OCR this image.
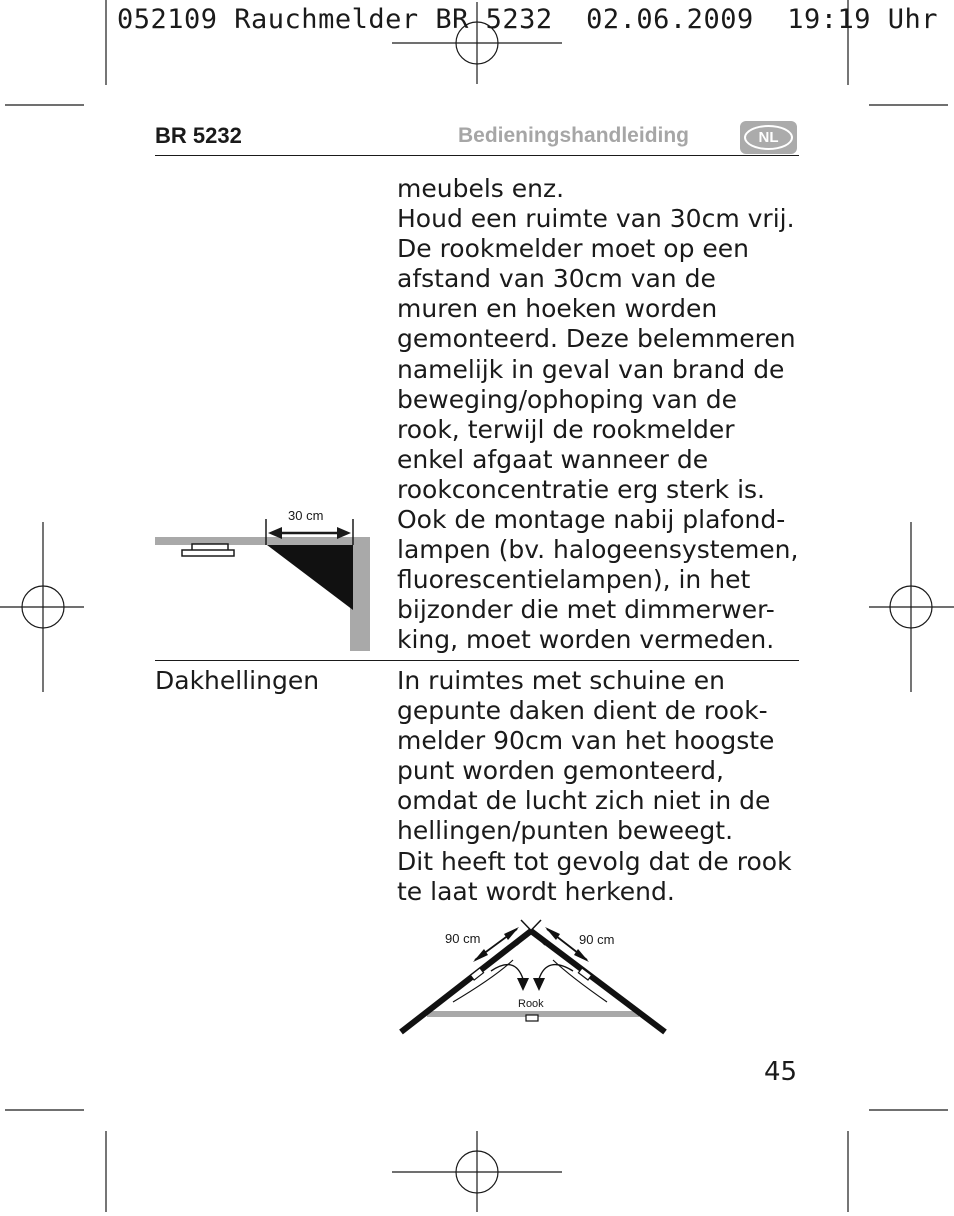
052109 Rauchmelder BR 5232  02.06.2009  19:19 Uhr
BR 5232	Bedieningshandleiding	NL
meubels enz.
Houd een ruimte van 30cm vrij.
De rookmelder moet op een
afstand van 30cm van de
muren en hoeken worden
gemonteerd. Deze belemmeren
namelijk in geval van brand de
beweging/ophoping van de
rook, terwijl de rookmelder
enkel afgaat wanneer de
rookconcentratie erg sterk is.
Ook de montage nabij plafond-
lampen (bv. halogeensystemen,
fluorescentielampen), in het
bijzonder die met dimmerwer-
king, moet worden vermeden.
30 cm
Dakhellingen	In ruimtes met schuine en
gepunte daken dient de rook-
melder 90cm van het hoogste
punt worden gemonteerd,
omdat de lucht zich niet in de
hellingen/punten beweegt.
Dit heeft tot gevolg dat de rook
te laat wordt herkend.
90 cm	90 cm
Rook
45
